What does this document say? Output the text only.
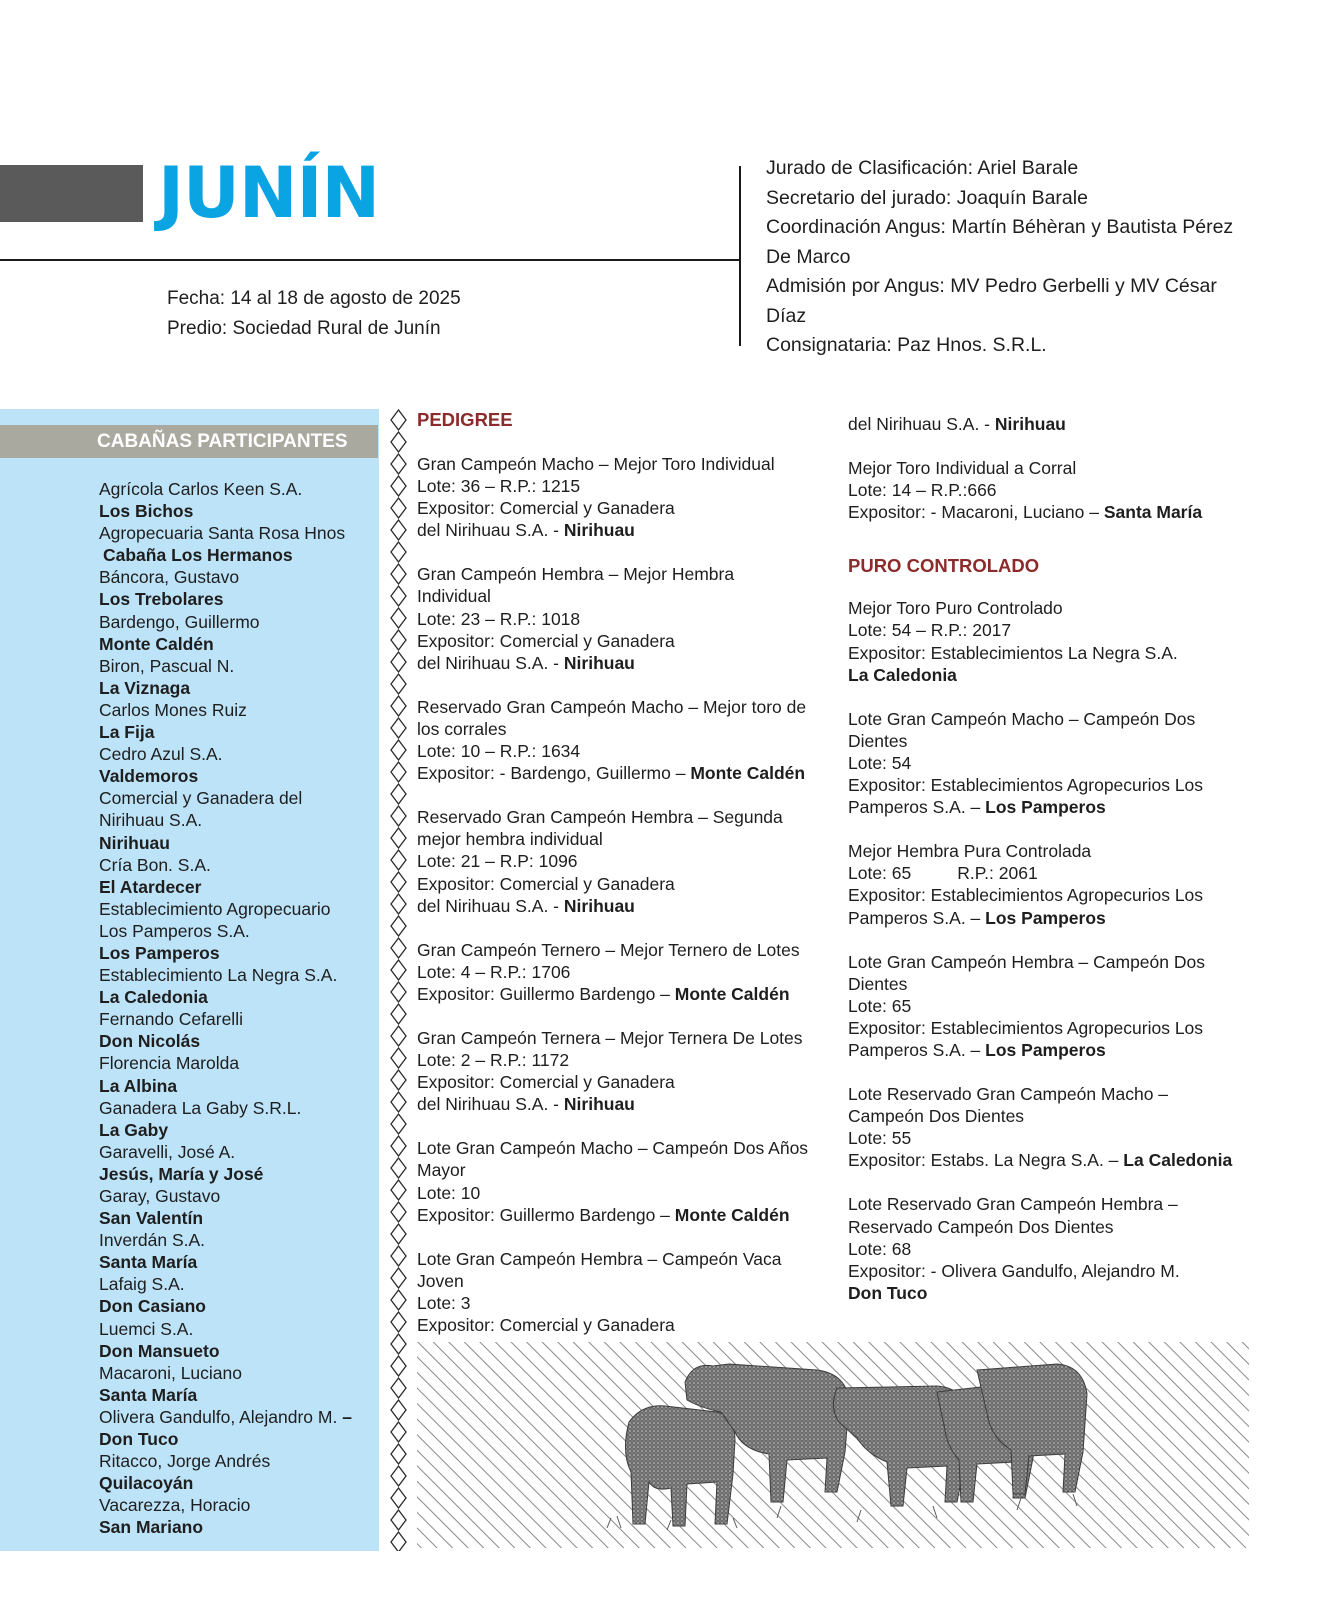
JUNÍN
Fecha: 14 al 18 de agosto de 2025
Predio: Sociedad Rural de Junín
Jurado de Clasificación: Ariel Barale
Secretario del jurado: Joaquín Barale
Coordinación Angus: Martín Béhèran y Bautista Pérez De Marco
Admisión por Angus: MV Pedro Gerbelli y MV César Díaz
Consignataria: Paz Hnos. S.R.L.
CABAÑAS PARTICIPANTES
Agrícola Carlos Keen S.A.
Los Bichos
Agropecuaria Santa Rosa Hnos
Cabaña Los Hermanos
Báncora, Gustavo
Los Trebolares
Bardengo, Guillermo
Monte Caldén
Biron, Pascual N.
La Viznaga
Carlos Mones Ruiz
La Fija
Cedro Azul S.A.
Valdemoros
Comercial y Ganadera del
Nirihuau S.A.
Nirihuau
Cría Bon. S.A.
El Atardecer
Establecimiento Agropecuario
Los Pamperos S.A.
Los Pamperos
Establecimiento La Negra S.A.
La Caledonia
Fernando Cefarelli
Don Nicolás
Florencia Marolda
La Albina
Ganadera La Gaby S.R.L.
La Gaby
Garavelli, José A.
Jesús, María y José
Garay, Gustavo
San Valentín
Inverdán S.A.
Santa María
Lafaig S.A.
Don Casiano
Luemci S.A.
Don Mansueto
Macaroni, Luciano
Santa María
Olivera Gandulfo, Alejandro M. –
Don Tuco
Ritacco, Jorge Andrés
Quilacoyán
Vacarezza, Horacio
San Mariano
PEDIGREE
Gran Campeón Macho – Mejor Toro Individual
Lote: 36 – R.P.: 1215
Expositor: Comercial y Ganadera
del Nirihuau S.A. - Nirihuau
Gran Campeón Hembra – Mejor Hembra
Individual
Lote: 23 – R.P.: 1018
Expositor: Comercial y Ganadera
del Nirihuau S.A. - Nirihuau
Reservado Gran Campeón Macho – Mejor toro de
los corrales
Lote: 10 – R.P.: 1634
Expositor: - Bardengo, Guillermo – Monte Caldén
Reservado Gran Campeón Hembra – Segunda
mejor hembra individual
Lote: 21 – R.P: 1096
Expositor: Comercial y Ganadera
del Nirihuau S.A. - Nirihuau
Gran Campeón Ternero – Mejor Ternero de Lotes
Lote: 4 – R.P.: 1706
Expositor: Guillermo Bardengo – Monte Caldén
Gran Campeón Ternera – Mejor Ternera De Lotes
Lote: 2 – R.P.: 1172
Expositor: Comercial y Ganadera
del Nirihuau S.A. - Nirihuau
Lote Gran Campeón Macho – Campeón Dos Años
Mayor
Lote: 10
Expositor: Guillermo Bardengo – Monte Caldén
Lote Gran Campeón Hembra – Campeón Vaca
Joven
Lote: 3
Expositor: Comercial y Ganadera
del Nirihuau S.A. - Nirihuau
Mejor Toro Individual a Corral
Lote: 14 – R.P.:666
Expositor: - Macaroni, Luciano – Santa María
PURO CONTROLADO
Mejor Toro Puro Controlado
Lote: 54 – R.P.: 2017
Expositor: Establecimientos La Negra S.A.
La Caledonia
Lote Gran Campeón Macho – Campeón Dos
Dientes
Lote: 54
Expositor: Establecimientos Agropecurios Los
Pamperos S.A. – Los Pamperos
Mejor Hembra Pura Controlada
Lote: 65	R.P.: 2061
Expositor: Establecimientos Agropecurios Los
Pamperos S.A. – Los Pamperos
Lote Gran Campeón Hembra – Campeón Dos
Dientes
Lote: 65
Expositor: Establecimientos Agropecurios Los
Pamperos S.A. – Los Pamperos
Lote Reservado Gran Campeón Macho –
Campeón Dos Dientes
Lote: 55
Expositor: Estabs. La Negra S.A. – La Caledonia
Lote Reservado Gran Campeón Hembra –
Reservado Campeón Dos Dientes
Lote: 68
Expositor: - Olivera Gandulfo, Alejandro M.
Don Tuco
